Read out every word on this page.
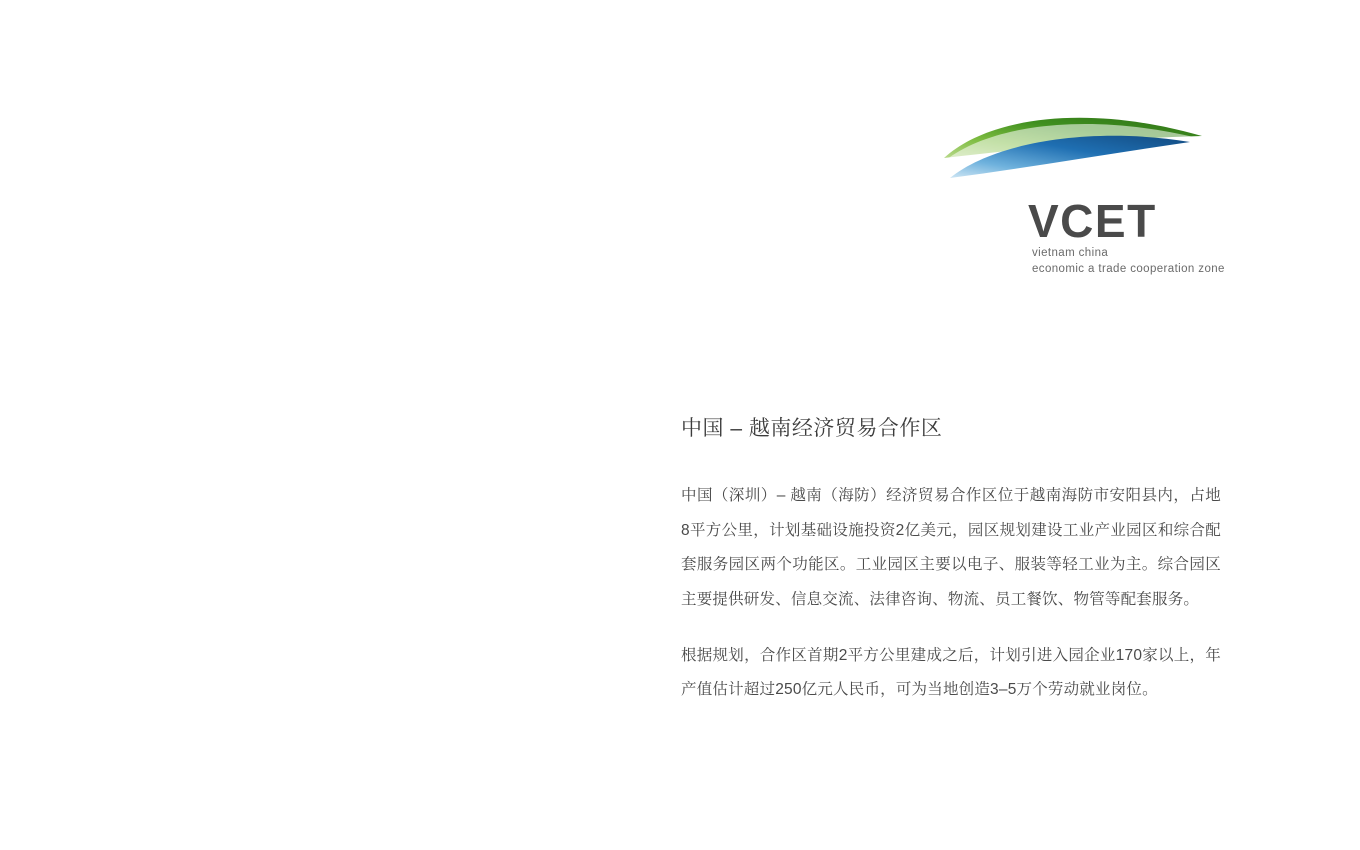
VCET
vietnam china
economic a trade cooperation zone
中国 – 越南经济贸易合作区

中国（深圳）– 越南（海防）经济贸易合作区位于越南海防市安阳县内，占地8平方公里，计划基础设施投资2亿美元，园区规划建设工业产业园区和综合配套服务园区两个功能区。工业园区主要以电子、服装等轻工业为主。综合园区主要提供研发、信息交流、法律咨询、物流、员工餐饮、物管等配套服务。

根据规划，合作区首期2平方公里建成之后，计划引进入园企业170家以上，年产值估计超过250亿元人民币，可为当地创造3–5万个劳动就业岗位。
